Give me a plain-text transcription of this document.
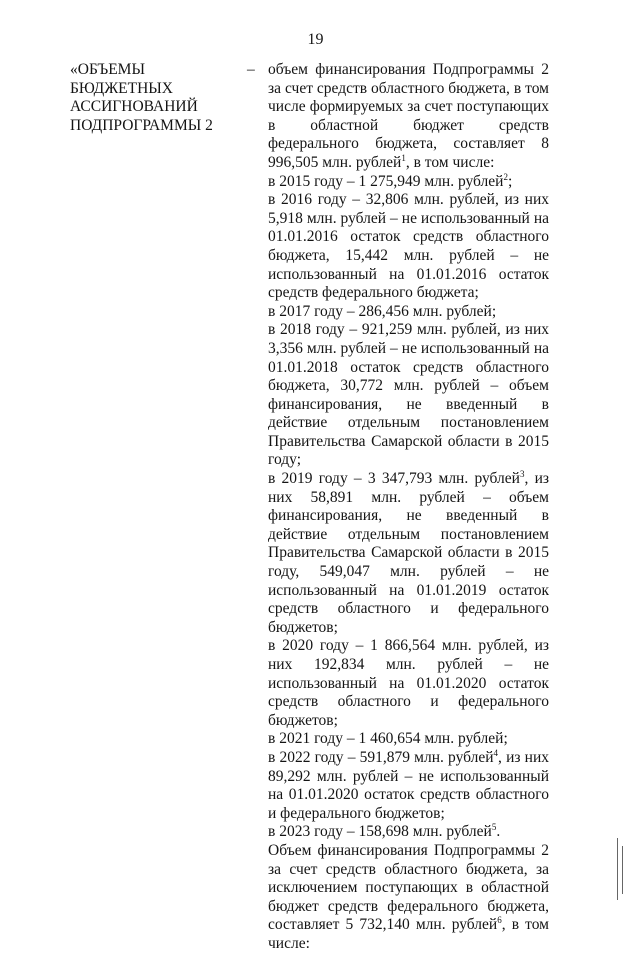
19
«ОБЪЕМЫ
БЮДЖЕТНЫХ
АССИГНОВАНИЙ
ПОДПРОГРАММЫ 2
– объем финансирования Подпрограммы 2 за счет средств областного бюджета, в том числе формируемых за счет поступающих в областной бюджет средств федерального бюджета, составляет 8 996,505 млн. рублей$^1$, в том числе:

в 2015 году – 1 275,949 млн. рублей$^2$;

в 2016 году – 32,806 млн. рублей, из них 5,918 млн. рублей – не использованный на 01.01.2016 остаток средств областного бюджета, 15,442 млн. рублей – не использованный на 01.01.2016 остаток средств федерального бюджета;

в 2017 году – 286,456 млн. рублей;

в 2018 году – 921,259 млн. рублей, из них 3,356 млн. рублей – не использованный на 01.01.2018 остаток средств областного бюджета, 30,772 млн. рублей – объем финансирования, не введенный в действие отдельным постановлением Правительства Самарской области в 2015 году;

в 2019 году – 3 347,793 млн. рублей$^3$, из них 58,891 млн. рублей – объем финансирования, не введенный в действие отдельным постановлением Правительства Самарской области в 2015 году, 549,047 млн. рублей – не использованный на 01.01.2019 остаток средств областного и федерального бюджетов;

в 2020 году – 1 866,564 млн. рублей, из них 192,834 млн. рублей – не использованный на 01.01.2020 остаток средств областного и федерального бюджетов;

в 2021 году – 1 460,654 млн. рублей;

в 2022 году – 591,879 млн. рублей$^4$, из них 89,292 млн. рублей – не использованный на 01.01.2020 остаток средств областного и федерального бюджетов;

в 2023 году – 158,698 млн. рублей$^5$.

Объем финансирования Подпрограммы 2 за счет средств областного бюджета, за исключением поступающих в областной бюджет средств федерального бюджета, составляет 5 732,140 млн. рублей$^6$, в том числе:
